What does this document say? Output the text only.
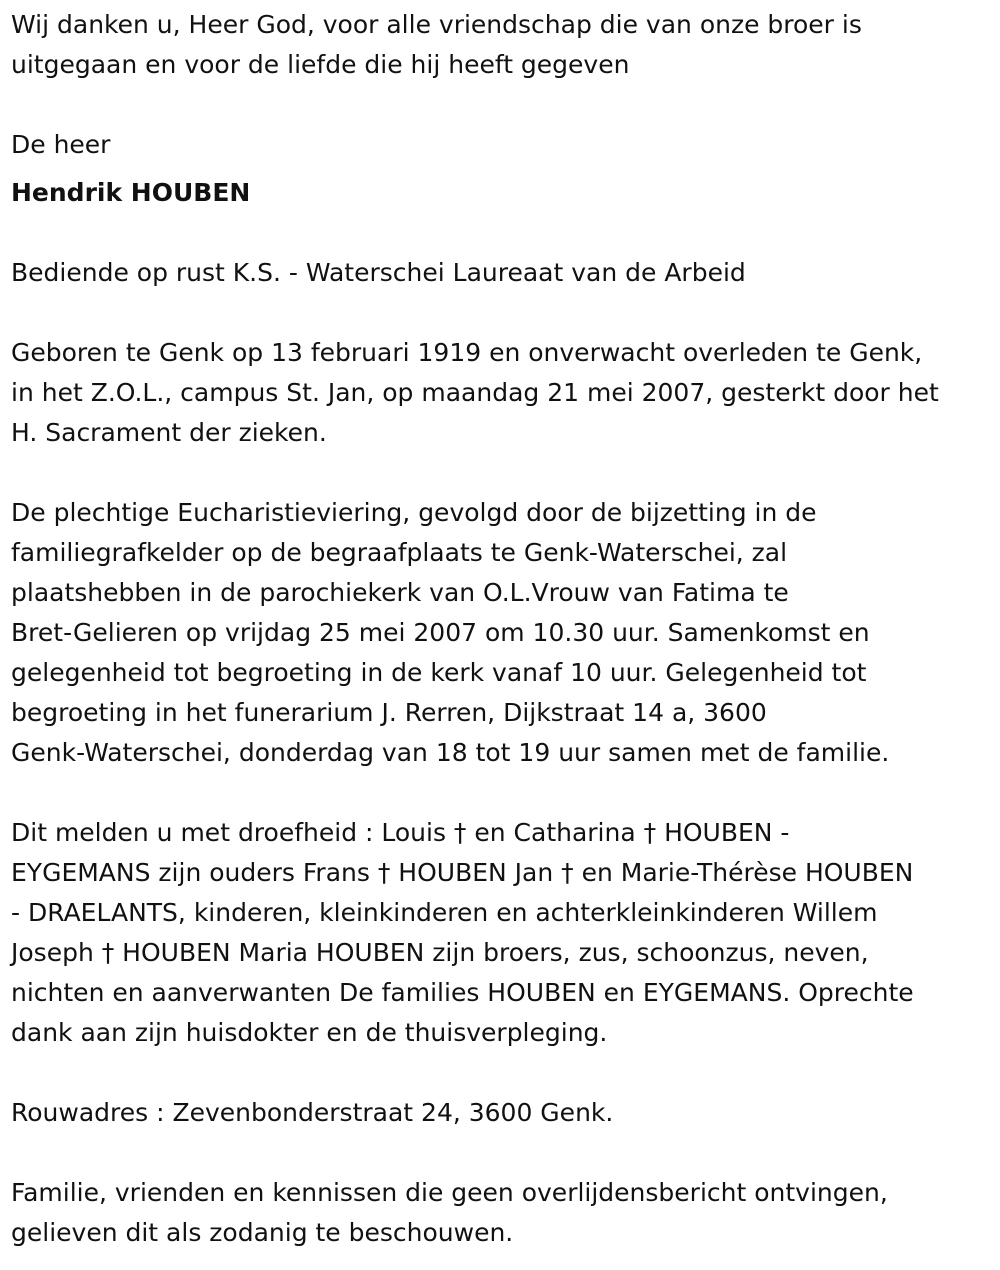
Wij danken u, Heer God, voor alle vriendschap die van onze broer is
uitgegaan en voor de liefde die hij heeft gegeven

De heer

Hendrik HOUBEN

Bediende op rust K.S. - Waterschei Laureaat van de Arbeid

Geboren te Genk op 13 februari 1919 en onverwacht overleden te Genk,
in het Z.O.L., campus St. Jan, op maandag 21 mei 2007, gesterkt door het
H. Sacrament der zieken.

De plechtige Eucharistieviering, gevolgd door de bijzetting in de
familiegrafkelder op de begraafplaats te Genk-Waterschei, zal
plaatshebben in de parochiekerk van O.L.Vrouw van Fatima te
Bret-Gelieren op vrijdag 25 mei 2007 om 10.30 uur. Samenkomst en
gelegenheid tot begroeting in de kerk vanaf 10 uur. Gelegenheid tot
begroeting in het funerarium J. Rerren, Dijkstraat 14 a, 3600
Genk-Waterschei, donderdag van 18 tot 19 uur samen met de familie.

Dit melden u met droefheid : Louis † en Catharina † HOUBEN -
EYGEMANS zijn ouders Frans † HOUBEN Jan † en Marie-Thérèse HOUBEN
- DRAELANTS, kinderen, kleinkinderen en achterkleinkinderen Willem
Joseph † HOUBEN Maria HOUBEN zijn broers, zus, schoonzus, neven,
nichten en aanverwanten De families HOUBEN en EYGEMANS. Oprechte
dank aan zijn huisdokter en de thuisverpleging.

Rouwadres : Zevenbonderstraat 24, 3600 Genk.

Familie, vrienden en kennissen die geen overlijdensbericht ontvingen,
gelieven dit als zodanig te beschouwen.
